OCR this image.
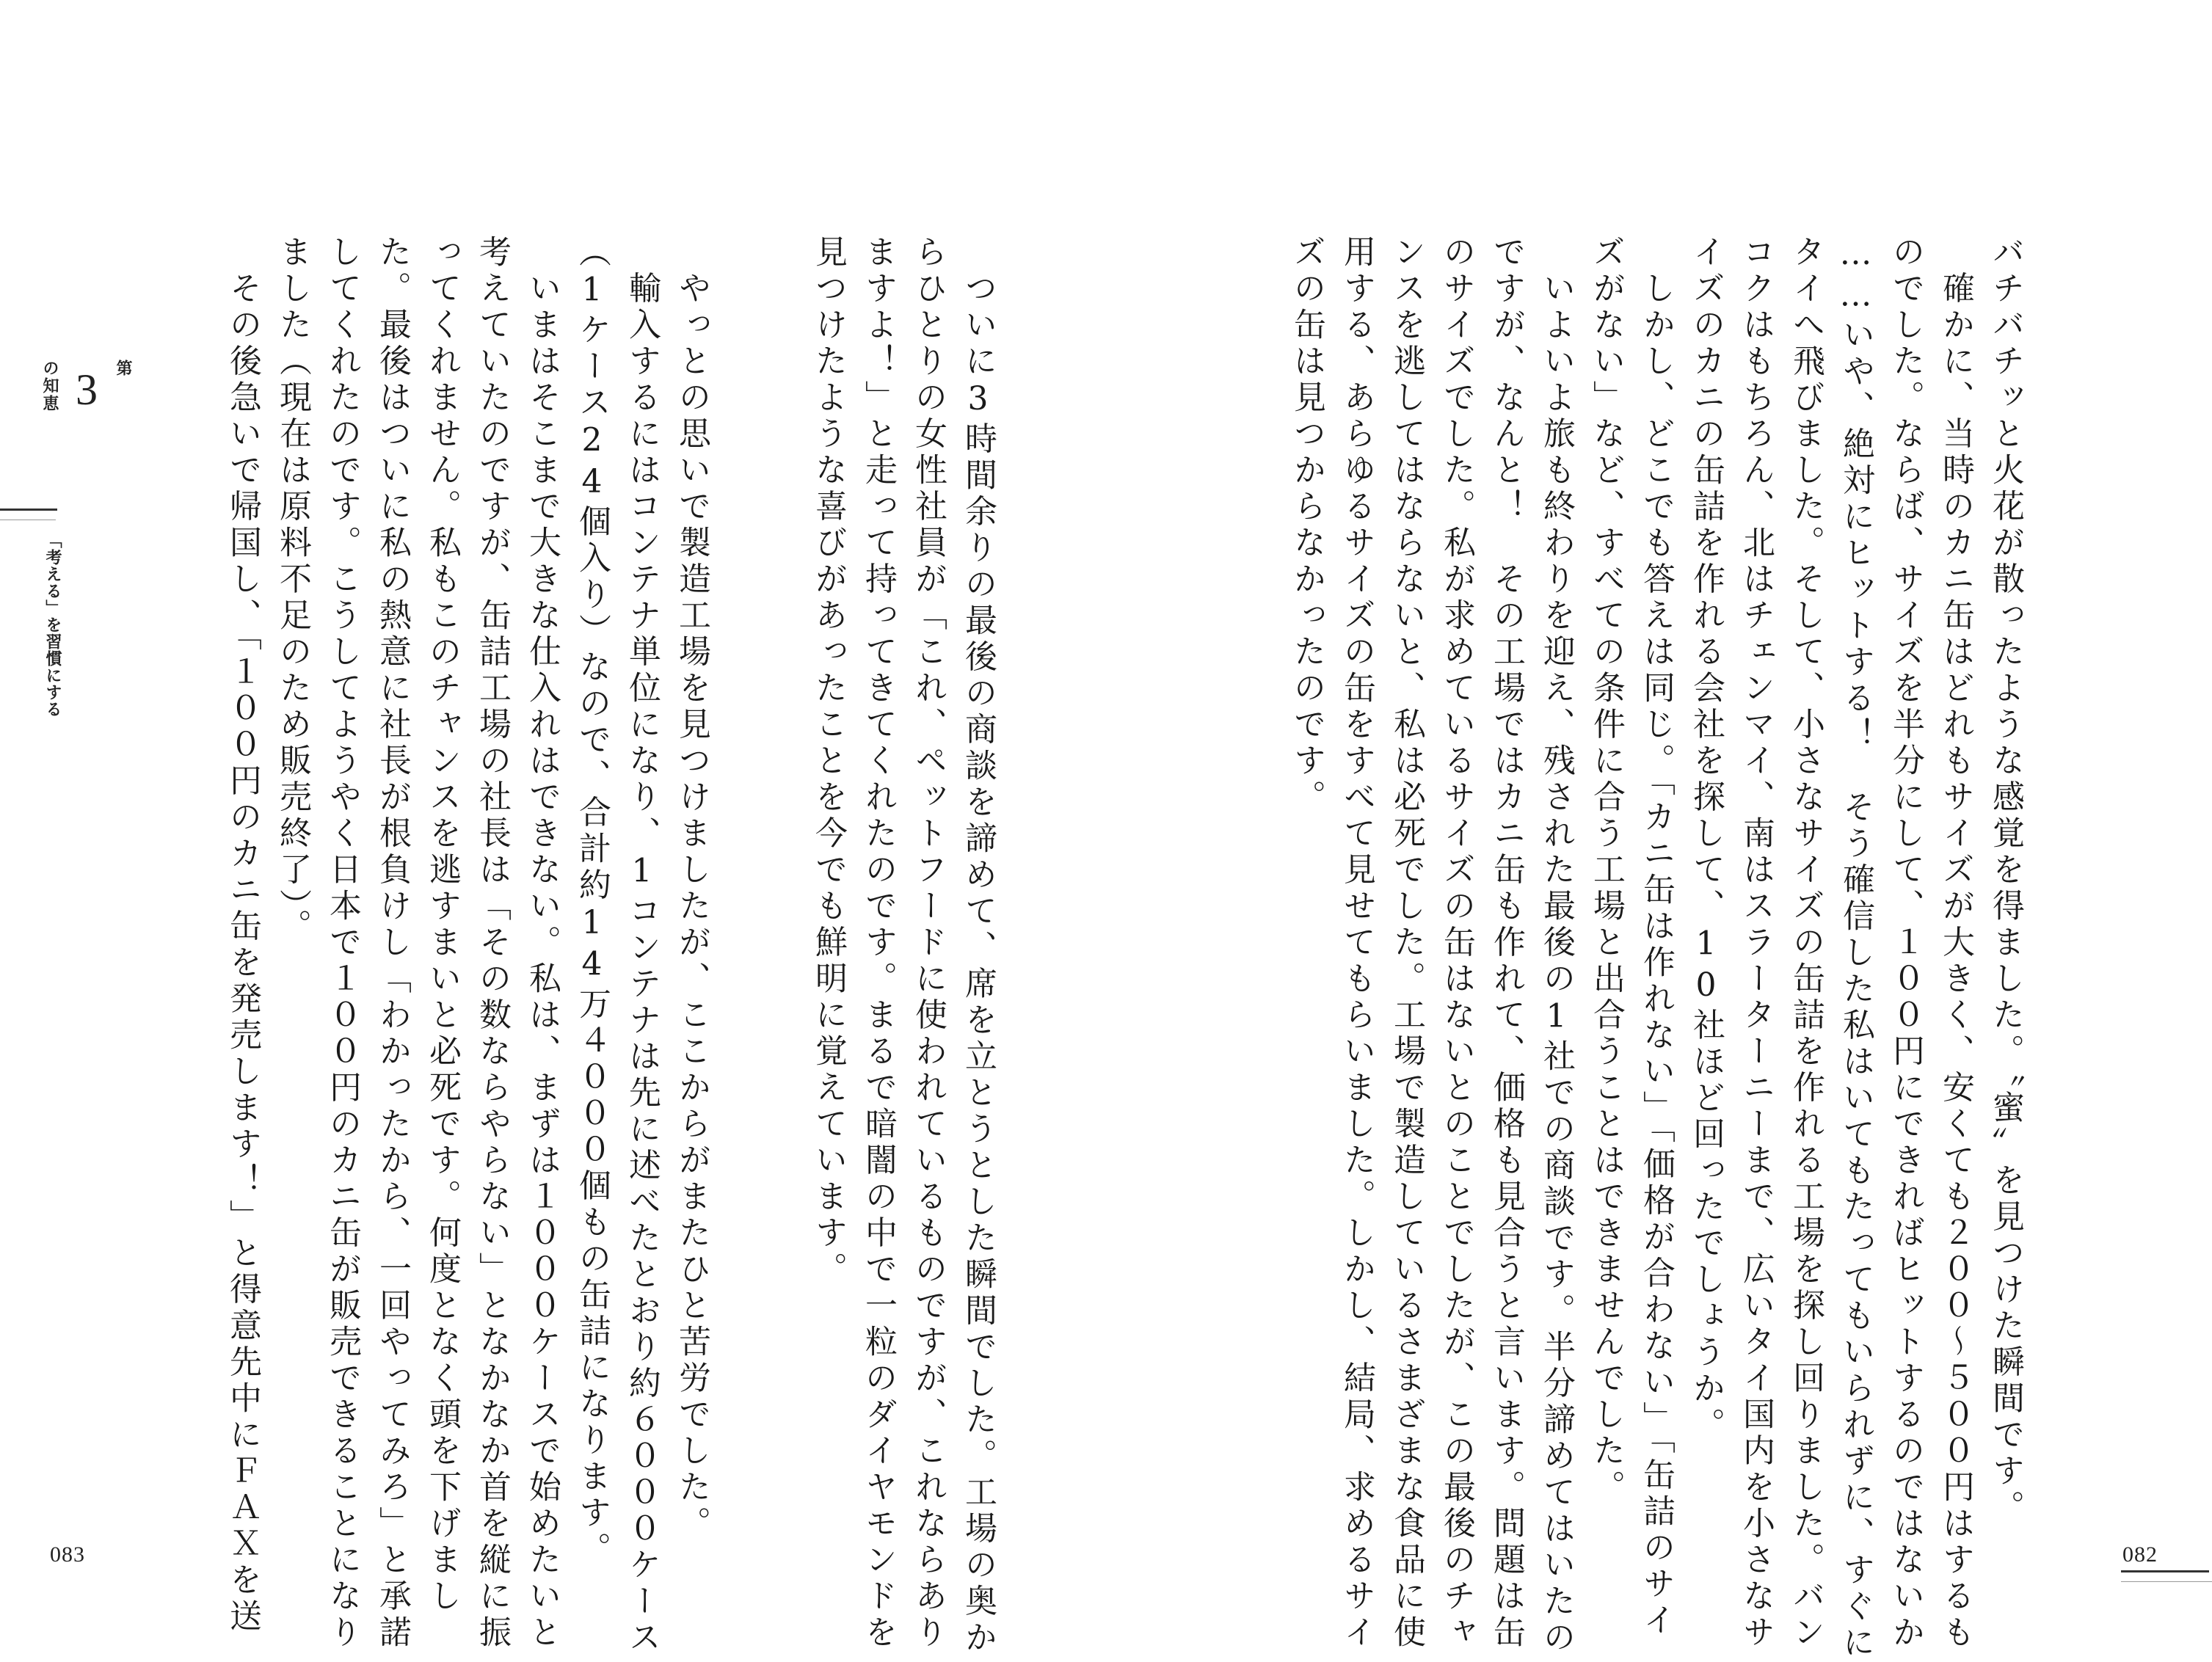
バチバチッと火花が散ったような感覚を得ました。〝蜜〟を見つけた瞬間です。
　確かに、当時のカニ缶はどれもサイズが大きく、安くても２００〜５００円はするも
のでした。ならば、サイズを半分にして、１００円にできればヒットするのではないか
……いや、絶対にヒットする！　そう確信した私はいてもたってもいられずに、すぐに
タイへ飛びました。そして、小さなサイズの缶詰を作れる工場を探し回りました。バン
コクはもちろん、北はチェンマイ、南はスラーターニーまで、広いタイ国内を小さなサ
イズのカニの缶詰を作れる会社を探して、10社ほど回ったでしょうか。
　しかし、どこでも答えは同じ。「カニ缶は作れない」「価格が合わない」「缶詰のサイ
ズがない」など、すべての条件に合う工場と出合うことはできませんでした。
　いよいよ旅も終わりを迎え、残された最後の1社での商談です。半分諦めてはいたの
ですが、なんと！　その工場ではカニ缶も作れて、価格も見合うと言います。問題は缶
のサイズでした。私が求めているサイズの缶はないとのことでしたが、この最後のチャ
ンスを逃してはならないと、私は必死でした。工場で製造しているさまざまな食品に使
用する、あらゆるサイズの缶をすべて見せてもらいました。しかし、結局、求めるサイ
ズの缶は見つからなかったのです。
082
　ついに3時間余りの最後の商談を諦めて、席を立とうとした瞬間でした。工場の奥か
らひとりの女性社員が「これ、ペットフードに使われているものですが、これならあり
ますよ！」と走って持ってきてくれたのです。まるで暗闇の中で一粒のダイヤモンドを
見つけたような喜びがあったことを今でも鮮明に覚えています。
　やっとの思いで製造工場を見つけましたが、ここからがまたひと苦労でした。
　輸入するにはコンテナ単位になり、1コンテナは先に述べたとおり約６０００ケース
（1ケース24個入り）なので、合計約14万４０００個もの缶詰になります。
　いまはそこまで大きな仕入れはできない。私は、まずは１０００ケースで始めたいと
考えていたのですが、缶詰工場の社長は「その数ならやらない」となかなか首を縦に振
ってくれません。私もこのチャンスを逃すまいと必死です。何度となく頭を下げまし
た。最後はついに私の熱意に社長が根負けし「わかったから、一回やってみろ」と承諾
してくれたのです。こうしてようやく日本で１００円のカニ缶が販売できることになり
ました（現在は原料不足のため販売終了）。
　その後急いで帰国し、「１００円のカニ缶を発売します！」と得意先中にＦＡＸを送
第
3
の知恵
「考える」を習慣にする
083
